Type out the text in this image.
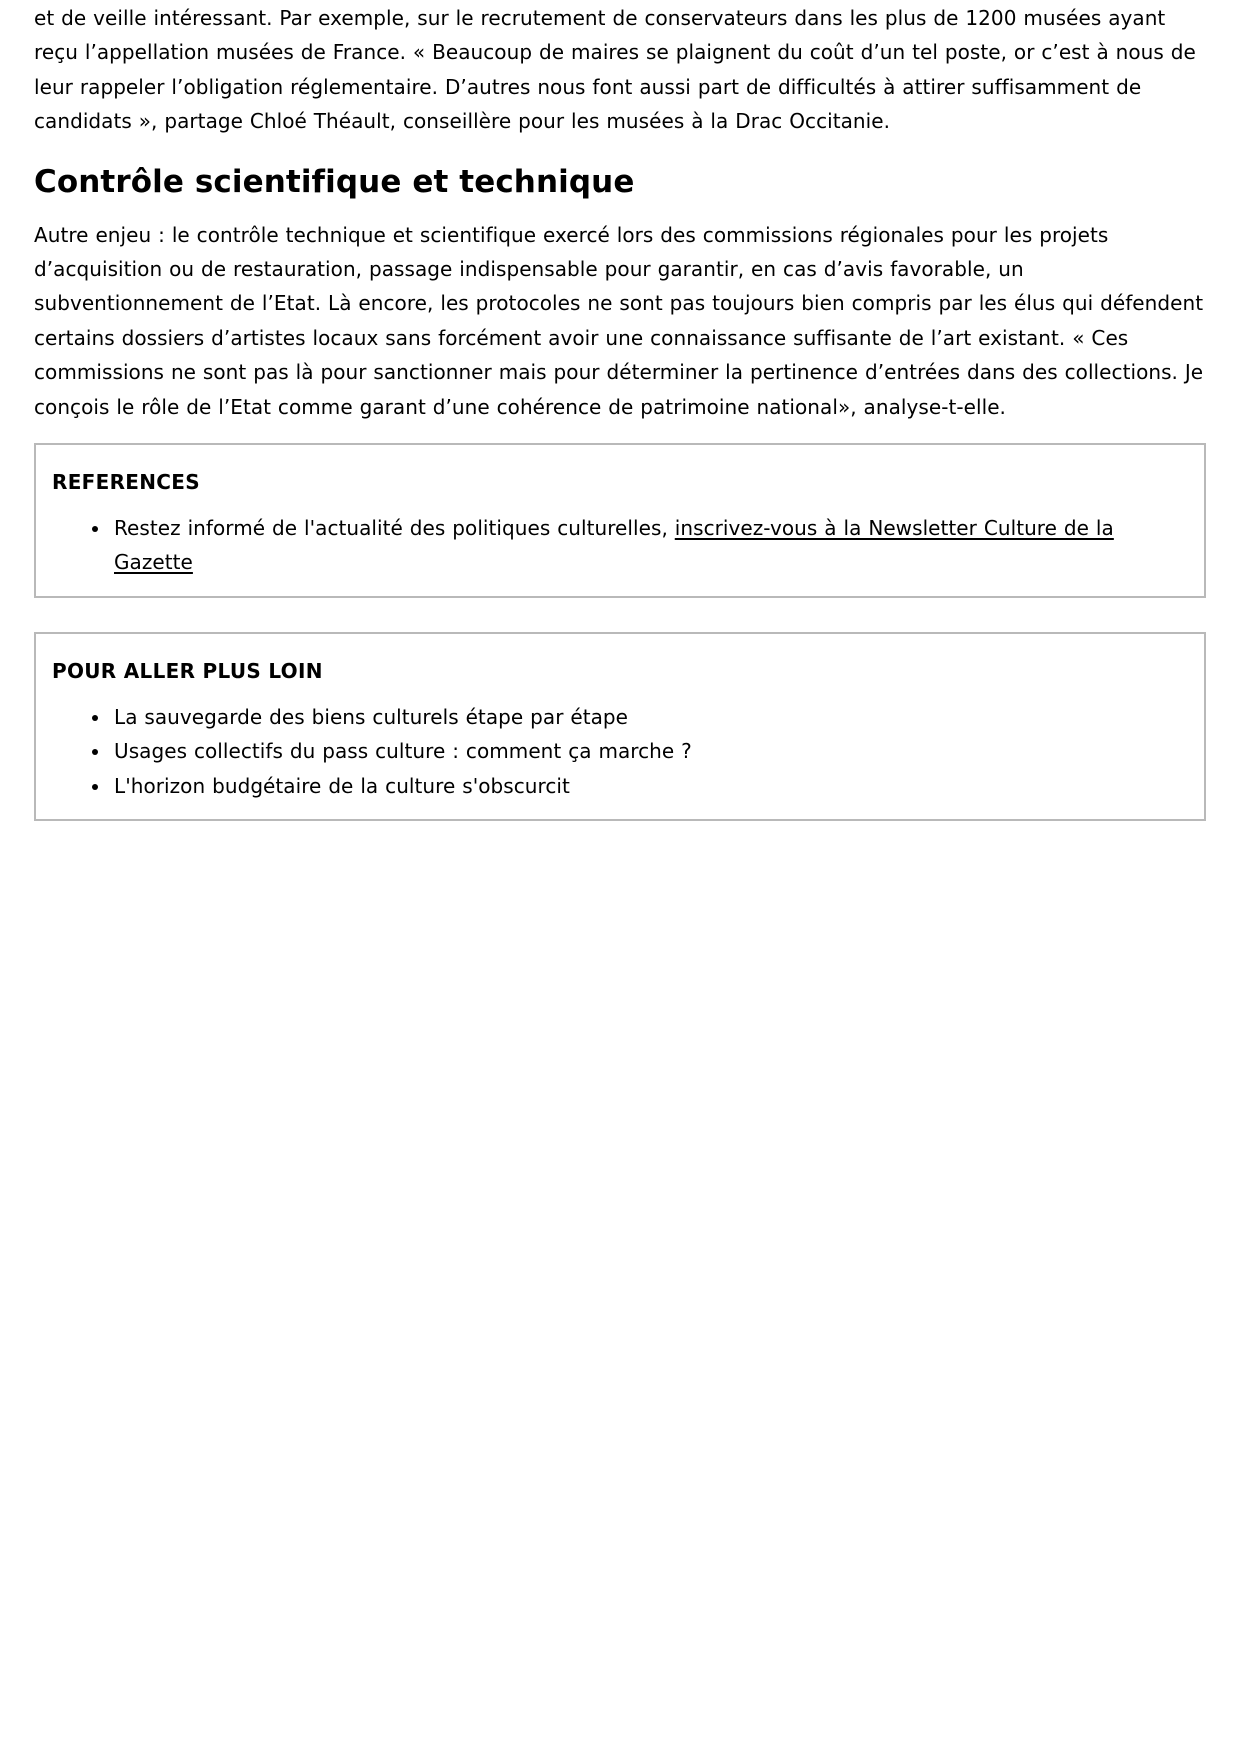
et de veille intéressant. Par exemple, sur le recrutement de conservateurs dans les plus de 1200 musées ayant reçu l’appellation musées de France. « Beaucoup de maires se plaignent du coût d’un tel poste, or c’est à nous de leur rappeler l’obligation réglementaire. D’autres nous font aussi part de difficultés à attirer suffisamment de candidats », partage Chloé Théault, conseillère pour les musées à la Drac Occitanie.

Contrôle scientifique et technique

Autre enjeu : le contrôle technique et scientifique exercé lors des commissions régionales pour les projets d’acquisition ou de restauration, passage indispensable pour garantir, en cas d’avis favorable, un subventionnement de l’Etat. Là encore, les protocoles ne sont pas toujours bien compris par les élus qui défendent certains dossiers d’artistes locaux sans forcément avoir une connaissance suffisante de l’art existant. « Ces commissions ne sont pas là pour sanctionner mais pour déterminer la pertinence d’entrées dans des collections. Je conçois le rôle de l’Etat comme garant d’une cohérence de patrimoine national», analyse-t-elle.

REFERENCES
Restez informé de l'actualité des politiques culturelles, inscrivez-vous à la Newsletter Culture de la Gazette
POUR ALLER PLUS LOIN
La sauvegarde des biens culturels étape par étape
Usages collectifs du pass culture : comment ça marche ?
L'horizon budgétaire de la culture s'obscurcit
